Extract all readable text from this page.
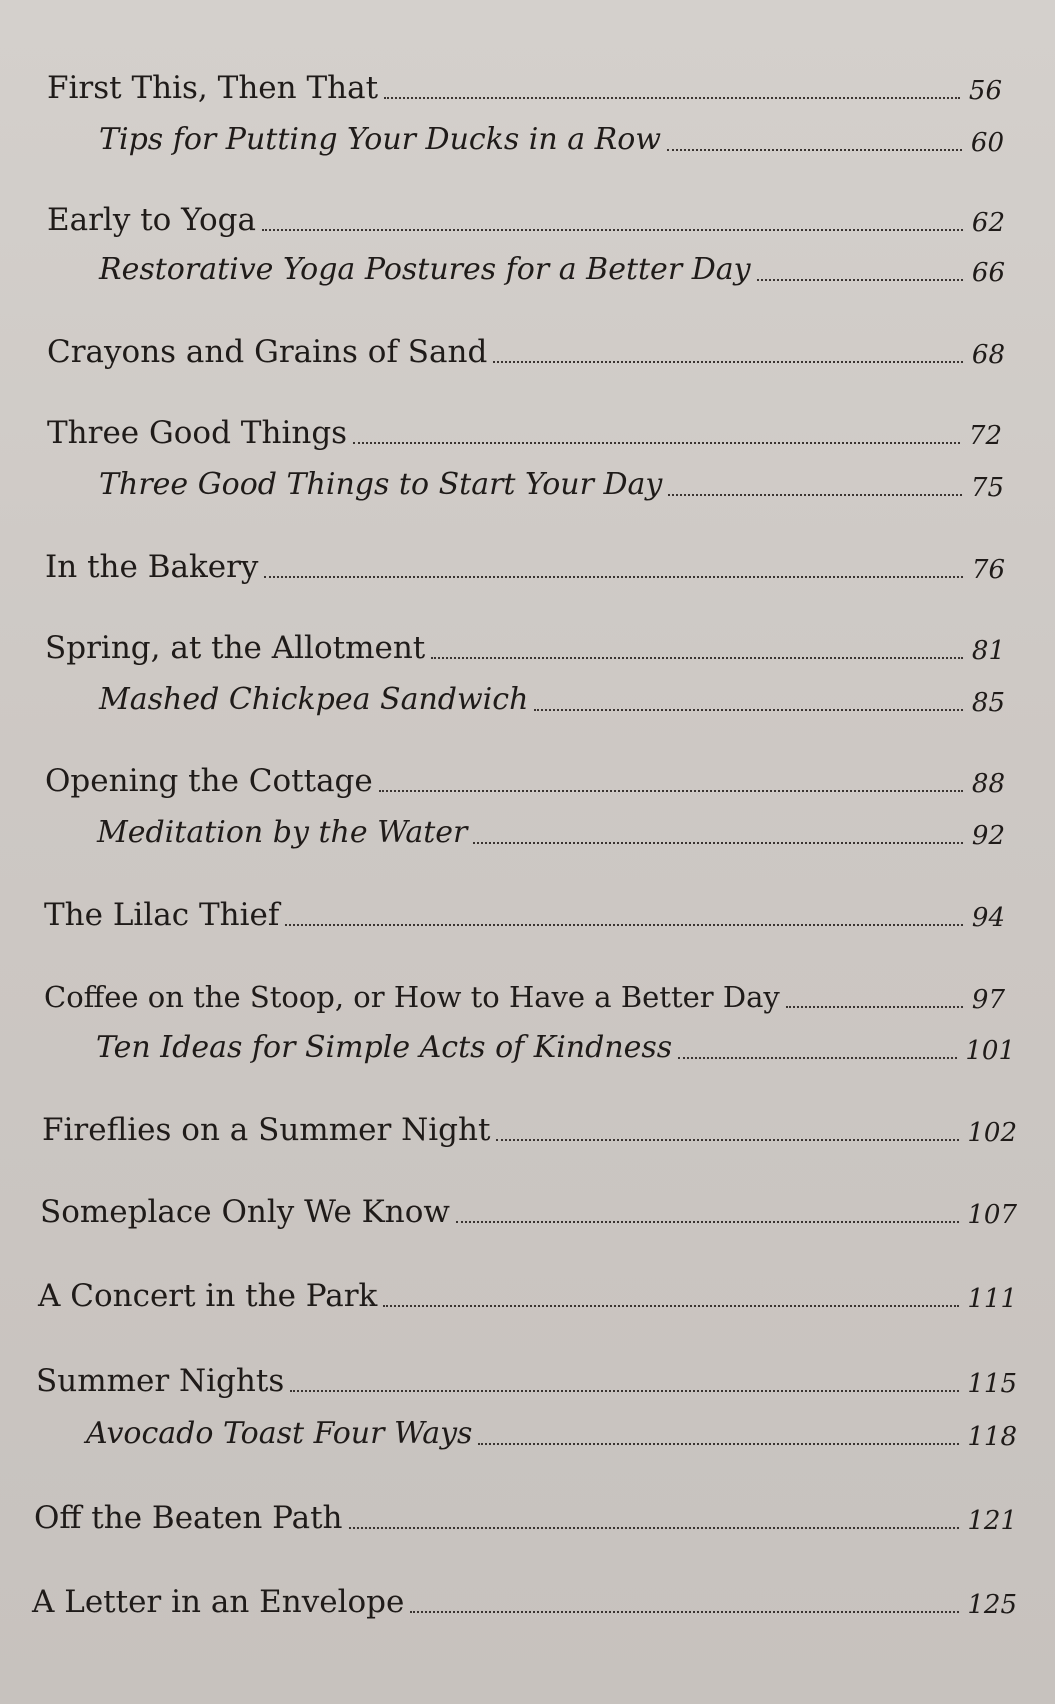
First This, Then That	56
Tips for Putting Your Ducks in a Row	60
Early to Yoga	62
Restorative Yoga Postures for a Better Day	66
Crayons and Grains of Sand	68
Three Good Things	72
Three Good Things to Start Your Day	75
In the Bakery	76
Spring, at the Allotment	81
Mashed Chickpea Sandwich	85
Opening the Cottage	88
Meditation by the Water	92
The Lilac Thief	94
Coffee on the Stoop, or How to Have a Better Day	97
Ten Ideas for Simple Acts of Kindness	101
Fireflies on a Summer Night	102
Someplace Only We Know	107
A Concert in the Park	111
Summer Nights	115
Avocado Toast Four Ways	118
Off the Beaten Path	121
A Letter in an Envelope	125
